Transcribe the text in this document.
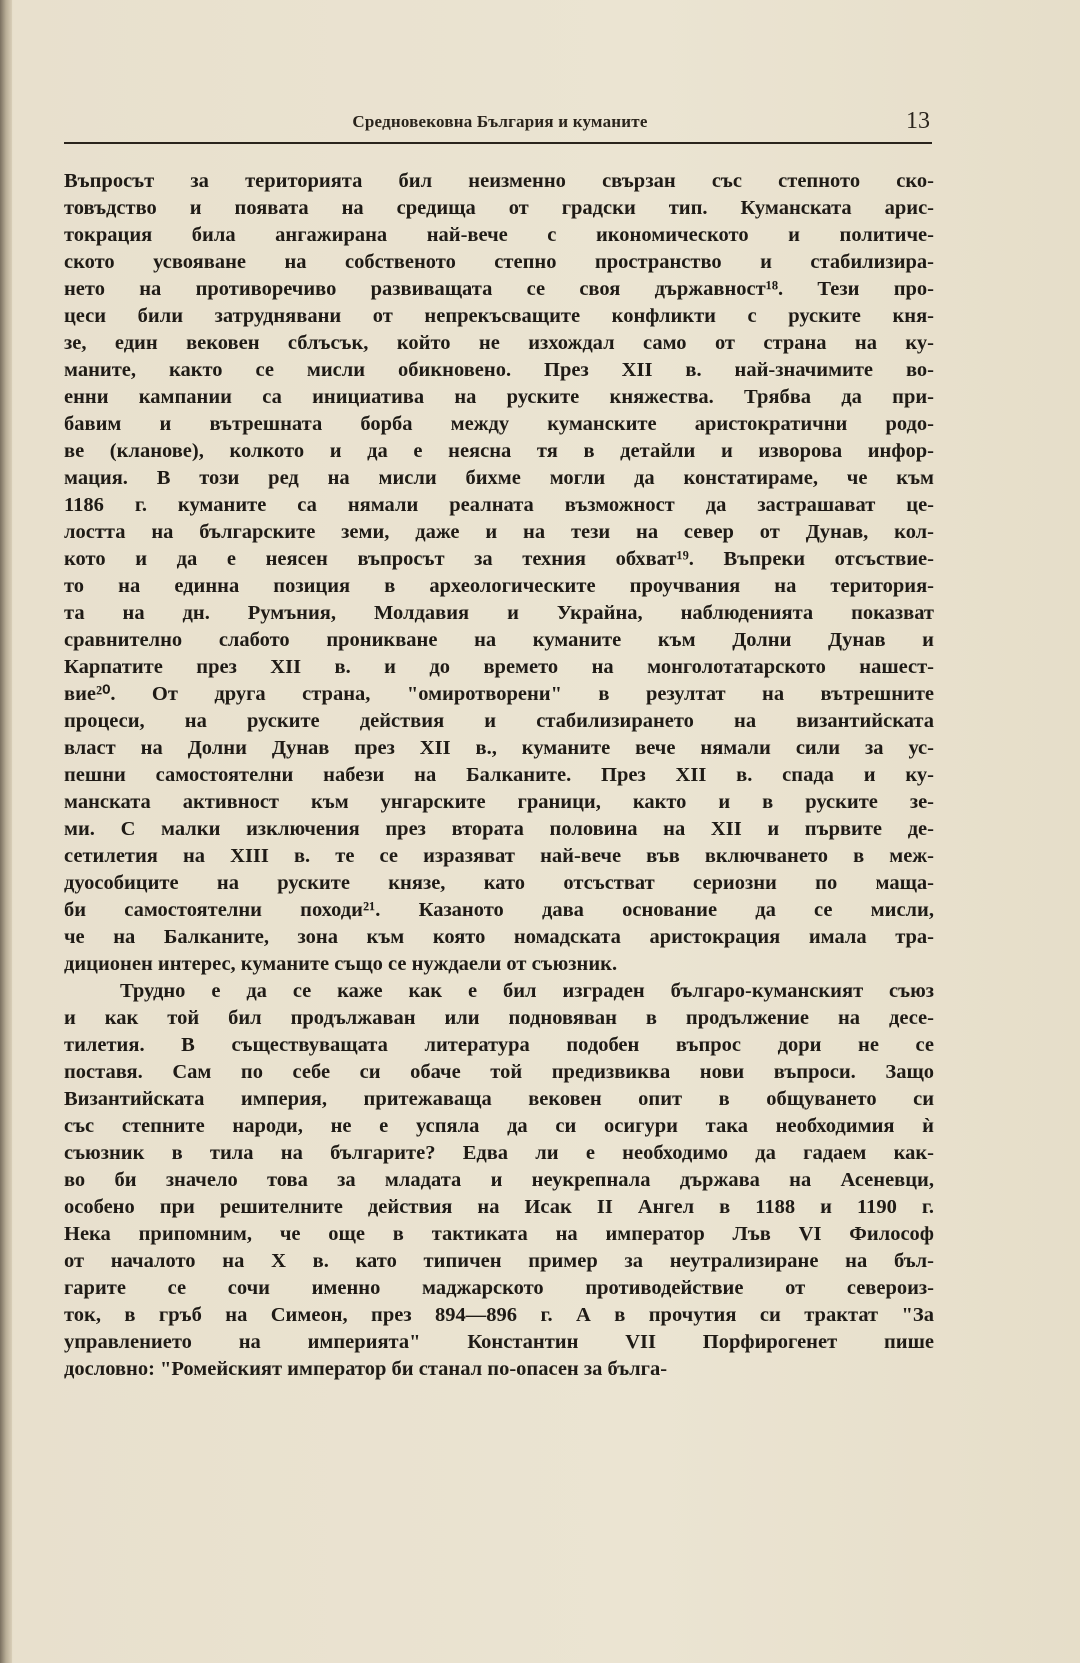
Средновековна България и куманите	13
Въпросът за територията бил неизменно свързан със степното ско-
товъдство и появата на средища от градски тип. Куманската арис-
токрация била ангажирана най-вече с икономическото и политиче-
ското усвояване на собственото степно пространство и стабилизира-
нето на противоречиво развиващата се своя държавност¹⁸. Тези про-
цеси били затруднявани от непрекъсващите конфликти с руските кня-
зе, един вековен сблъсък, който не изхождал само от страна на ку-
маните, както се мисли обикновено. През XII в. най-значимите во-
енни кампании са инициатива на руските княжества. Трябва да при-
бавим и вътрешната борба между куманските аристократични родо-
ве (кланове), колкото и да е неясна тя в детайли и изворова инфор-
мация. В този ред на мисли бихме могли да констатираме, че към
1186 г. куманите са нямали реалната възможност да застрашават це-
лостта на българските земи, даже и на тези на север от Дунав, кол-
кото и да е неясен въпросът за техния обхват¹⁹. Въпреки отсъствие-
то на единна позиция в археологическите проучвания на територия-
та на дн. Румъния, Молдавия и Украйна, наблюденията показват
сравнително слабото проникване на куманите към Долни Дунав и
Карпатите през XII в. и до времето на монголотатарското нашест-
вие²⁰. От друга страна, "омиротворени" в резултат на вътрешните
процеси, на руските действия и стабилизирането на византийската
власт на Долни Дунав през XII в., куманите вече нямали сили за ус-
пешни самостоятелни набези на Балканите. През XII в. спада и ку-
манската активност към унгарските граници, както и в руските зе-
ми. С малки изключения през втората половина на XII и първите де-
сетилетия на XIII в. те се изразяват най-вече във включването в меж-
дуособиците на руските князе, като отсъстват сериозни по мащa-
би самостоятелни походи²¹. Казаното дава основание да се мисли,
че на Балканите, зона към която номадската аристокрация имала тра-
диционен интерес, куманите също се нуждаели от съюзник.
Трудно е да се каже как е бил изграден българо-куманският съюз
и как той бил продължаван или подновяван в продължение на десе-
тилетия. В съществуващата литература подобен въпрос дори не се
поставя. Сам по себе си обаче той предизвиква нови въпроси. Защо
Византийската империя, притежаваща вековен опит в общуването си
със степните народи, не е успяла да си осигури така необходимия ѝ
съюзник в тила на българите? Едва ли е необходимо да гадаем как-
во би значело това за младата и неукрепнала държава на Асеневци,
особено при решителните действия на Исак II Ангел в 1188 и 1190 г.
Нека припомним, че още в тактиката на император Лъв VI Философ
от началото на X в. като типичен пример за неутрализиране на бъл-
гарите се сочи именно маджарското противодействие от североиз-
ток, в гръб на Симеон, през 894—896 г. А в прочутия си трактат "За
управлението на империята" Константин VII Порфирогенет пише
дословно: "Ромейският император би станал по-опасен за бълга-
